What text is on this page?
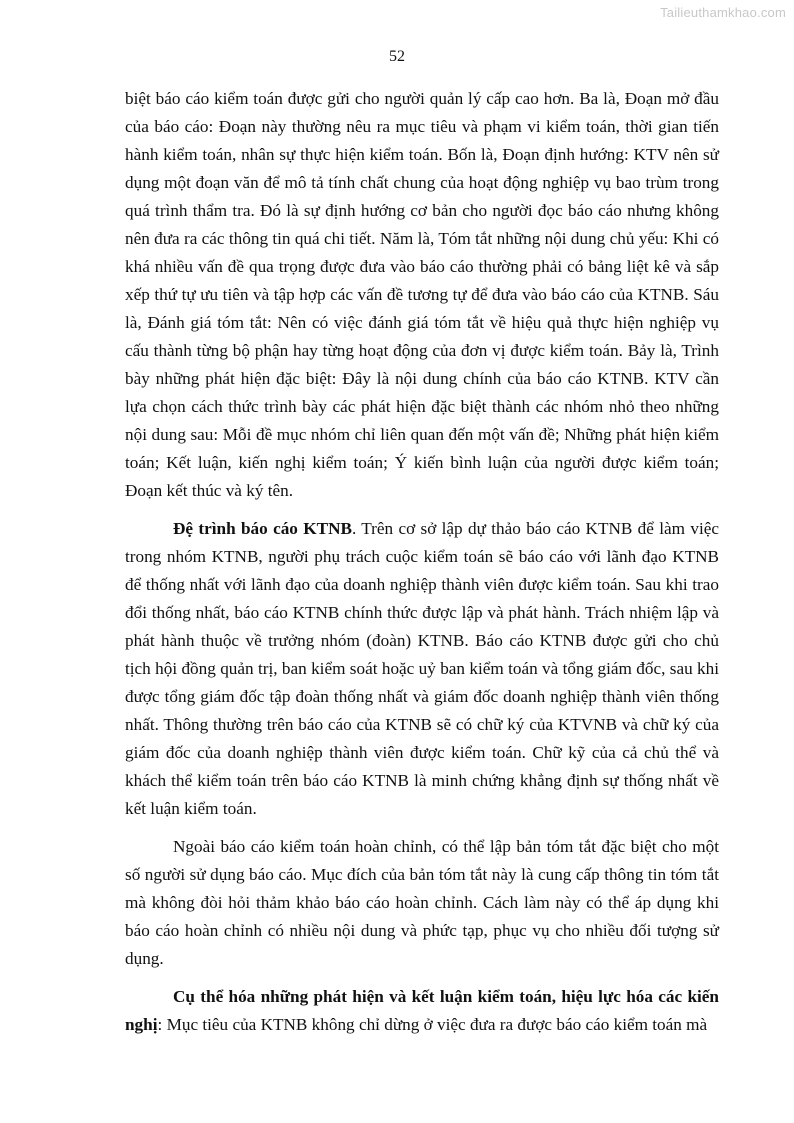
Tailieuthamkhao.com
52

biệt báo cáo kiểm toán được gửi cho người quản lý cấp cao hơn. Ba là, Đoạn mở đầu của báo cáo: Đoạn này thường nêu ra mục tiêu và phạm vi kiểm toán, thời gian tiến hành kiểm toán, nhân sự thực hiện kiểm toán. Bốn là, Đoạn định hướng: KTV nên sử dụng một đoạn văn để mô tả tính chất chung của hoạt động nghiệp vụ bao trùm trong quá trình thẩm tra. Đó là sự định hướng cơ bản cho người đọc báo cáo nhưng không nên đưa ra các thông tin quá chi tiết. Năm là, Tóm tắt những nội dung chủ yếu: Khi có khá nhiều vấn đề qua trọng được đưa vào báo cáo thường phải có bảng liệt kê và sắp xếp thứ tự ưu tiên và tập hợp các vấn đề tương tự để đưa vào báo cáo của KTNB. Sáu là, Đánh giá tóm tắt: Nên có việc đánh giá tóm tắt về hiệu quả thực hiện nghiệp vụ cấu thành từng bộ phận hay từng hoạt động của đơn vị được kiểm toán. Bảy là, Trình bày những phát hiện đặc biệt: Đây là nội dung chính của báo cáo KTNB. KTV cần lựa chọn cách thức trình bày các phát hiện đặc biệt thành các nhóm nhỏ theo những nội dung sau: Mỗi đề mục nhóm chỉ liên quan đến một vấn đề; Những phát hiện kiểm toán; Kết luận, kiến nghị kiểm toán; Ý kiến bình luận của người được kiểm toán; Đoạn kết thúc và ký tên.

Đệ trình báo cáo KTNB. Trên cơ sở lập dự thảo báo cáo KTNB để làm việc trong nhóm KTNB, người phụ trách cuộc kiểm toán sẽ báo cáo với lãnh đạo KTNB để thống nhất với lãnh đạo của doanh nghiệp thành viên được kiểm toán. Sau khi trao đổi thống nhất, báo cáo KTNB chính thức được lập và phát hành. Trách nhiệm lập và phát hành thuộc về trưởng nhóm (đoàn) KTNB. Báo cáo KTNB được gửi cho chủ tịch hội đồng quản trị, ban kiểm soát hoặc uỷ ban kiểm toán và tổng giám đốc, sau khi được tổng giám đốc tập đoàn thống nhất và giám đốc doanh nghiệp thành viên thống nhất. Thông thường trên báo cáo của KTNB sẽ có chữ ký của KTVNB và chữ ký của giám đốc của doanh nghiệp thành viên được kiểm toán. Chữ kỹ của cả chủ thể và khách thể kiểm toán trên báo cáo KTNB là minh chứng khẳng định sự thống nhất về kết luận kiểm toán.

Ngoài báo cáo kiểm toán hoàn chỉnh, có thể lập bản tóm tắt đặc biệt cho một số người sử dụng báo cáo. Mục đích của bản tóm tắt này là cung cấp thông tin tóm tắt mà không đòi hỏi thảm khảo báo cáo hoàn chỉnh. Cách làm này có thể áp dụng khi báo cáo hoàn chỉnh có nhiều nội dung và phức tạp, phục vụ cho nhiều đối tượng sử dụng.

Cụ thể hóa những phát hiện và kết luận kiểm toán, hiệu lực hóa các kiến nghị: Mục tiêu của KTNB không chỉ dừng ở việc đưa ra được báo cáo kiểm toán mà
